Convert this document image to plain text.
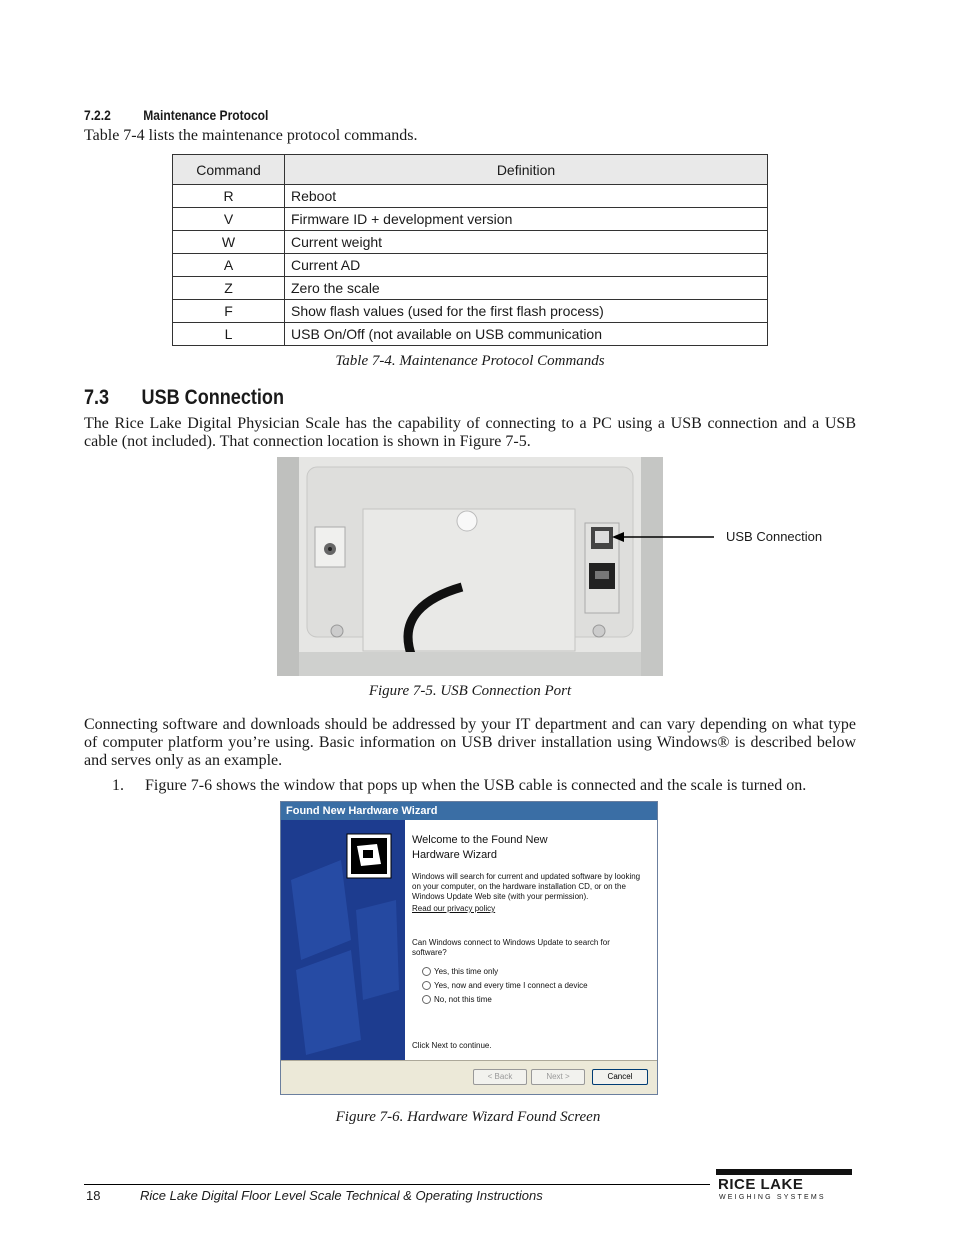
7.2.2 Maintenance Protocol
Table 7-4 lists the maintenance protocol commands.
Command	Definition
R	Reboot
V	Firmware ID + development version
W	Current weight
A	Current AD
Z	Zero the scale
F	Show flash values (used for the first flash process)
L	USB On/Off (not available on USB communication
Table 7-4. Maintenance Protocol Commands
7.3 USB Connection
The Rice Lake Digital Physician Scale has the capability of connecting to a PC using a USB connection and a USB cable (not included). That connection location is shown in Figure 7-5.
USB Connection
Figure 7-5. USB Connection Port
Connecting software and downloads should be addressed by your IT department and can vary depending on what type of computer platform you’re using. Basic information on USB driver installation using Windows® is described below and serves only as an example.
1. Figure 7-6 shows the window that pops up when the USB cable is connected and the scale is turned on.
Found New Hardware Wizard
Welcome to the Found New
Hardware Wizard
Windows will search for current and updated software by looking on your computer, on the hardware installation CD, or on the Windows Update Web site (with your permission).
Read our privacy policy
Can Windows connect to Windows Update to search for software?
Yes, this time only
Yes, now and every time I connect a device
No, not this time
Click Next to continue.
< Back	Next >	Cancel
Figure 7-6. Hardware Wizard Found Screen
18	Rice Lake Digital Floor Level Scale Technical & Operating Instructions
RICE LAKE
WEIGHING SYSTEMS
